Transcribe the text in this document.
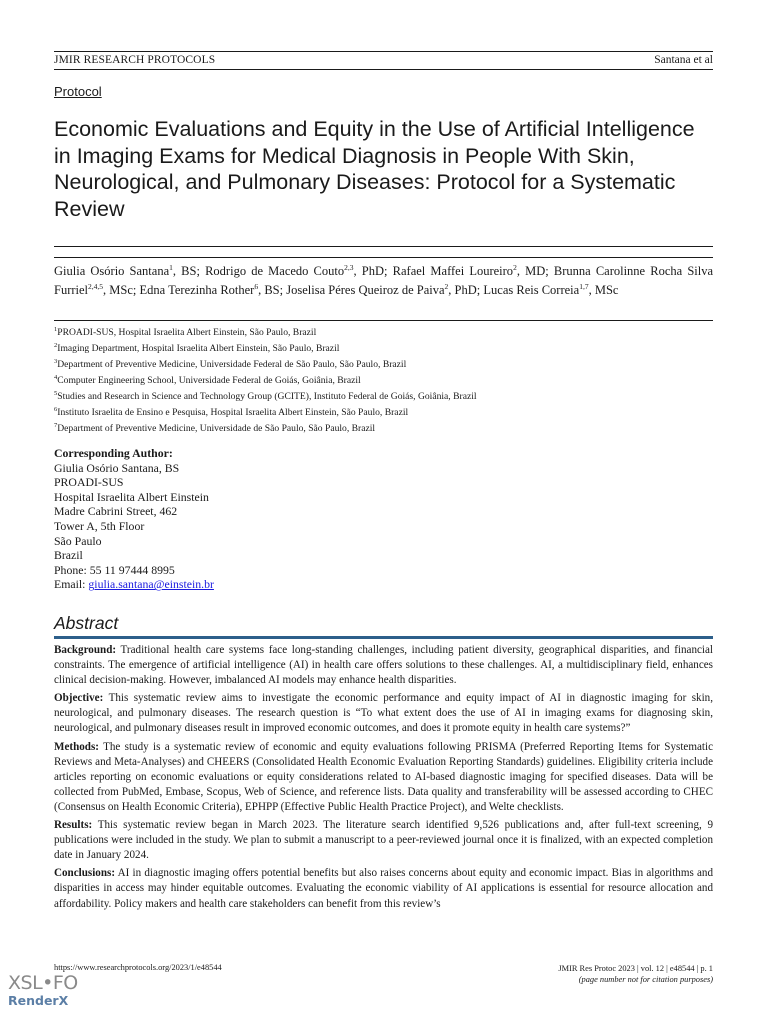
JMIR RESEARCH PROTOCOLS	Santana et al
Protocol
Economic Evaluations and Equity in the Use of Artificial Intelligence in Imaging Exams for Medical Diagnosis in People With Skin, Neurological, and Pulmonary Diseases: Protocol for a Systematic Review
Giulia Osório Santana$^1$, BS; Rodrigo de Macedo Couto$^{2,3}$, PhD; Rafael Maffei Loureiro$^2$, MD; Brunna Carolinne Rocha Silva Furriel$^{2,4,5}$, MSc; Edna Terezinha Rother$^6$, BS; Joselisa Péres Queiroz de Paiva$^2$, PhD; Lucas Reis Correia$^{1,7}$, MSc
$^1$PROADI-SUS, Hospital Israelita Albert Einstein, São Paulo, Brazil
$^2$Imaging Department, Hospital Israelita Albert Einstein, São Paulo, Brazil
$^3$Department of Preventive Medicine, Universidade Federal de São Paulo, São Paulo, Brazil
$^4$Computer Engineering School, Universidade Federal de Goiás, Goiânia, Brazil
$^5$Studies and Research in Science and Technology Group (GCITE), Instituto Federal de Goiás, Goiânia, Brazil
$^6$Instituto Israelita de Ensino e Pesquisa, Hospital Israelita Albert Einstein, São Paulo, Brazil
$^7$Department of Preventive Medicine, Universidade de São Paulo, São Paulo, Brazil
Corresponding Author:
Giulia Osório Santana, BS
PROADI-SUS
Hospital Israelita Albert Einstein
Madre Cabrini Street, 462
Tower A, 5th Floor
São Paulo
Brazil
Phone: 55 11 97444 8995
Email: giulia.santana@einstein.br
Abstract

Background: Traditional health care systems face long-standing challenges, including patient diversity, geographical disparities, and financial constraints. The emergence of artificial intelligence (AI) in health care offers solutions to these challenges. AI, a multidisciplinary field, enhances clinical decision-making. However, imbalanced AI models may enhance health disparities.

Objective: This systematic review aims to investigate the economic performance and equity impact of AI in diagnostic imaging for skin, neurological, and pulmonary diseases. The research question is “To what extent does the use of AI in imaging exams for diagnosing skin, neurological, and pulmonary diseases result in improved economic outcomes, and does it promote equity in health care systems?”

Methods: The study is a systematic review of economic and equity evaluations following PRISMA (Preferred Reporting Items for Systematic Reviews and Meta-Analyses) and CHEERS (Consolidated Health Economic Evaluation Reporting Standards) guidelines. Eligibility criteria include articles reporting on economic evaluations or equity considerations related to AI-based diagnostic imaging for specified diseases. Data will be collected from PubMed, Embase, Scopus, Web of Science, and reference lists. Data quality and transferability will be assessed according to CHEC (Consensus on Health Economic Criteria), EPHPP (Effective Public Health Practice Project), and Welte checklists.

Results: This systematic review began in March 2023. The literature search identified 9,526 publications and, after full-text screening, 9 publications were included in the study. We plan to submit a manuscript to a peer-reviewed journal once it is finalized, with an expected completion date in January 2024.

Conclusions: AI in diagnostic imaging offers potential benefits but also raises concerns about equity and economic impact. Bias in algorithms and disparities in access may hinder equitable outcomes. Evaluating the economic viability of AI applications is essential for resource allocation and affordability. Policy makers and health care stakeholders can benefit from this review’s

https://www.researchprotocols.org/2023/1/e48544	JMIR Res Protoc 2023 | vol. 12 | e48544 | p. 1
(page number not for citation purposes)
XSL•FO
RenderX
